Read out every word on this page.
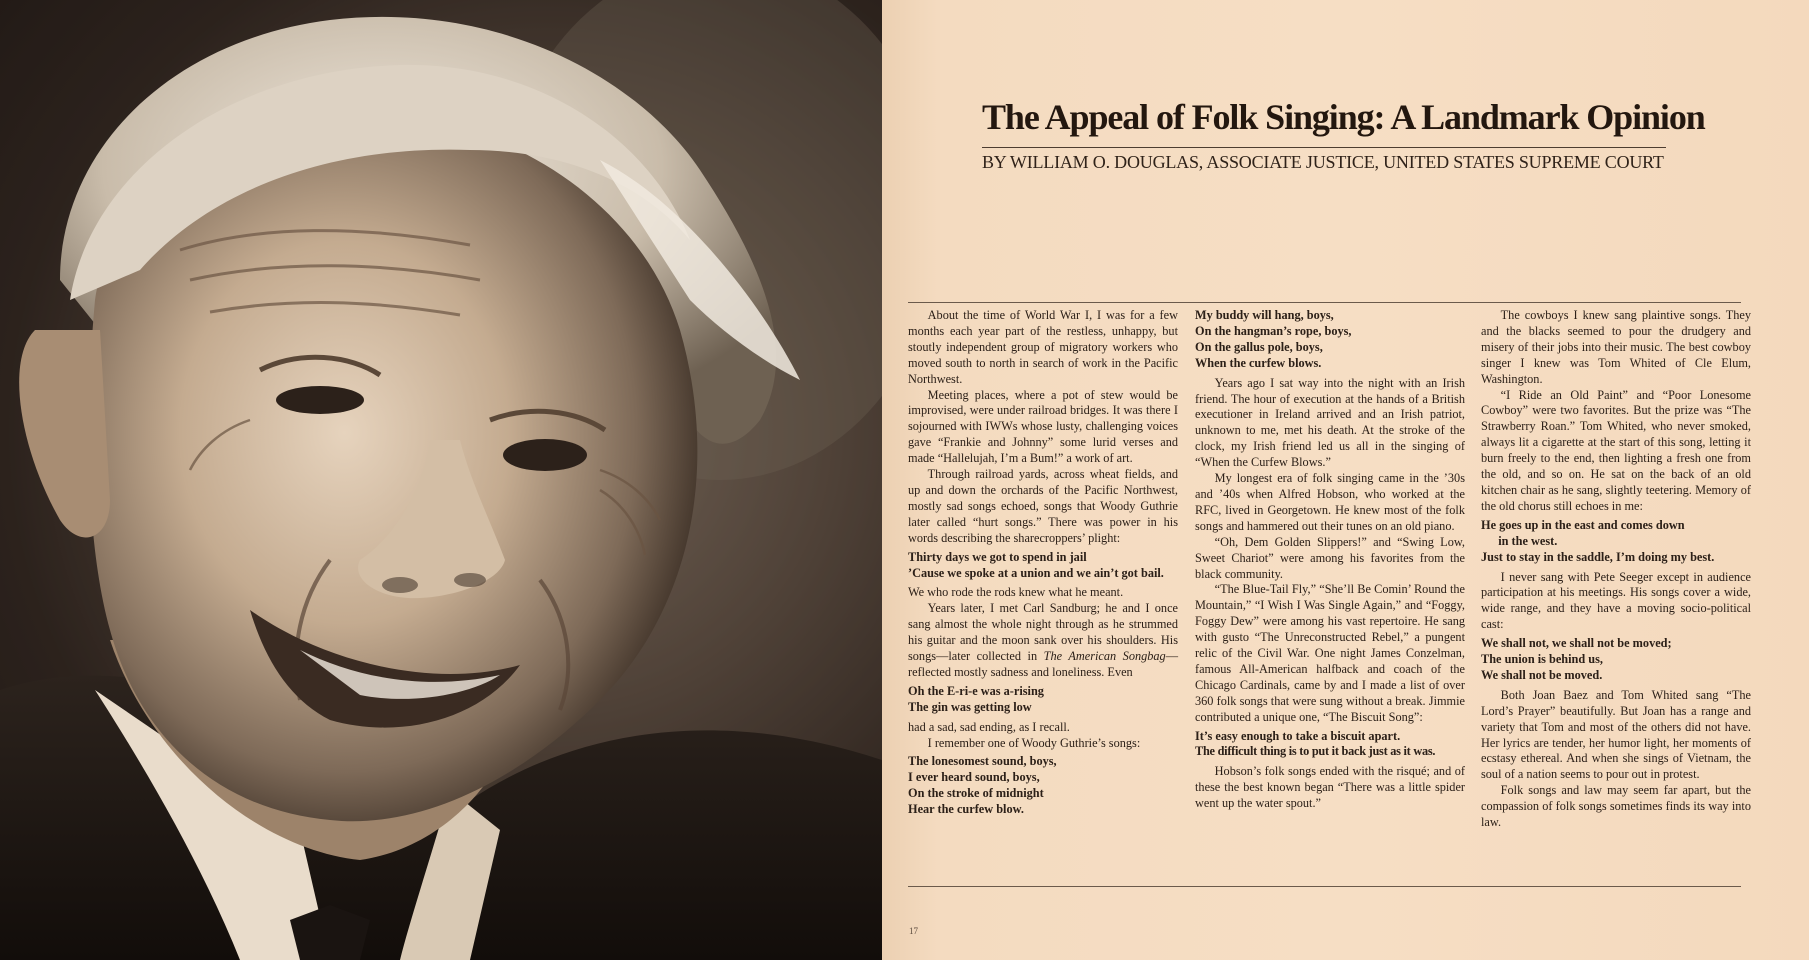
The Appeal of Folk Singing: A Landmark Opinion
BY WILLIAM O. DOUGLAS, ASSOCIATE JUSTICE, UNITED STATES SUPREME COURT

About the time of World War I, I was for a few months each year part of the restless, unhappy, but stoutly independent group of migratory workers who moved south to north in search of work in the Pacific Northwest.

Meeting places, where a pot of stew would be improvised, were under railroad bridges. It was there I sojourned with IWWs whose lusty, challenging voices gave “Frankie and Johnny” some lurid verses and made “Hallelujah, I’m a Bum!” a work of art.

Through railroad yards, across wheat fields, and up and down the orchards of the Pacific Northwest, mostly sad songs echoed, songs that Woody Guthrie later called “hurt songs.” There was power in his words describing the sharecroppers’ plight:

Thirty days we got to spend in jail
’Cause we spoke at a union and we ain’t got bail.

We who rode the rods knew what he meant.

Years later, I met Carl Sandburg; he and I once sang almost the whole night through as he strummed his guitar and the moon sank over his shoulders. His songs—later collected in The American Songbag—reflected mostly sadness and loneliness. Even

Oh the E-ri-e was a-rising
The gin was getting low

had a sad, sad ending, as I recall.

I remember one of Woody Guthrie’s songs:

The lonesomest sound, boys,
I ever heard sound, boys,
On the stroke of midnight
Hear the curfew blow.
My buddy will hang, boys,
On the hangman’s rope, boys,
On the gallus pole, boys,
When the curfew blows.

Years ago I sat way into the night with an Irish friend. The hour of execution at the hands of a British executioner in Ireland arrived and an Irish patriot, unknown to me, met his death. At the stroke of the clock, my Irish friend led us all in the singing of “When the Curfew Blows.”

My longest era of folk singing came in the ’30s and ’40s when Alfred Hobson, who worked at the RFC, lived in Georgetown. He knew most of the folk songs and hammered out their tunes on an old piano.

“Oh, Dem Golden Slippers!” and “Swing Low, Sweet Chariot” were among his favorites from the black community.

“The Blue-Tail Fly,” “She’ll Be Comin’ Round the Mountain,” “I Wish I Was Single Again,” and “Foggy, Foggy Dew” were among his vast repertoire. He sang with gusto “The Unreconstructed Rebel,” a pungent relic of the Civil War. One night James Conzelman, famous All-American halfback and coach of the Chicago Cardinals, came by and I made a list of over 360 folk songs that were sung without a break. Jimmie contributed a unique one, “The Biscuit Song”:

It’s easy enough to take a biscuit apart.
The difficult thing is to put it back just as it was.

Hobson’s folk songs ended with the risqué; and of these the best known began “There was a little spider went up the water spout.”

The cowboys I knew sang plaintive songs. They and the blacks seemed to pour the drudgery and misery of their jobs into their music. The best cowboy singer I knew was Tom Whited of Cle Elum, Washington.

“I Ride an Old Paint” and “Poor Lonesome Cowboy” were two favorites. But the prize was “The Strawberry Roan.” Tom Whited, who never smoked, always lit a cigarette at the start of this song, letting it burn freely to the end, then lighting a fresh one from the old, and so on. He sat on the back of an old kitchen chair as he sang, slightly teetering. Memory of the old chorus still echoes in me:

He goes up in the east and comes down
in the west.
Just to stay in the saddle, I’m doing my best.

I never sang with Pete Seeger except in audience participation at his meetings. His songs cover a wide, wide range, and they have a moving socio-political cast:

We shall not, we shall not be moved;
The union is behind us,
We shall not be moved.

Both Joan Baez and Tom Whited sang “The Lord’s Prayer” beautifully. But Joan has a range and variety that Tom and most of the others did not have. Her lyrics are tender, her humor light, her moments of ecstasy ethereal. And when she sings of Vietnam, the soul of a nation seems to pour out in protest.

Folk songs and law may seem far apart, but the compassion of folk songs sometimes finds its way into law.

17
